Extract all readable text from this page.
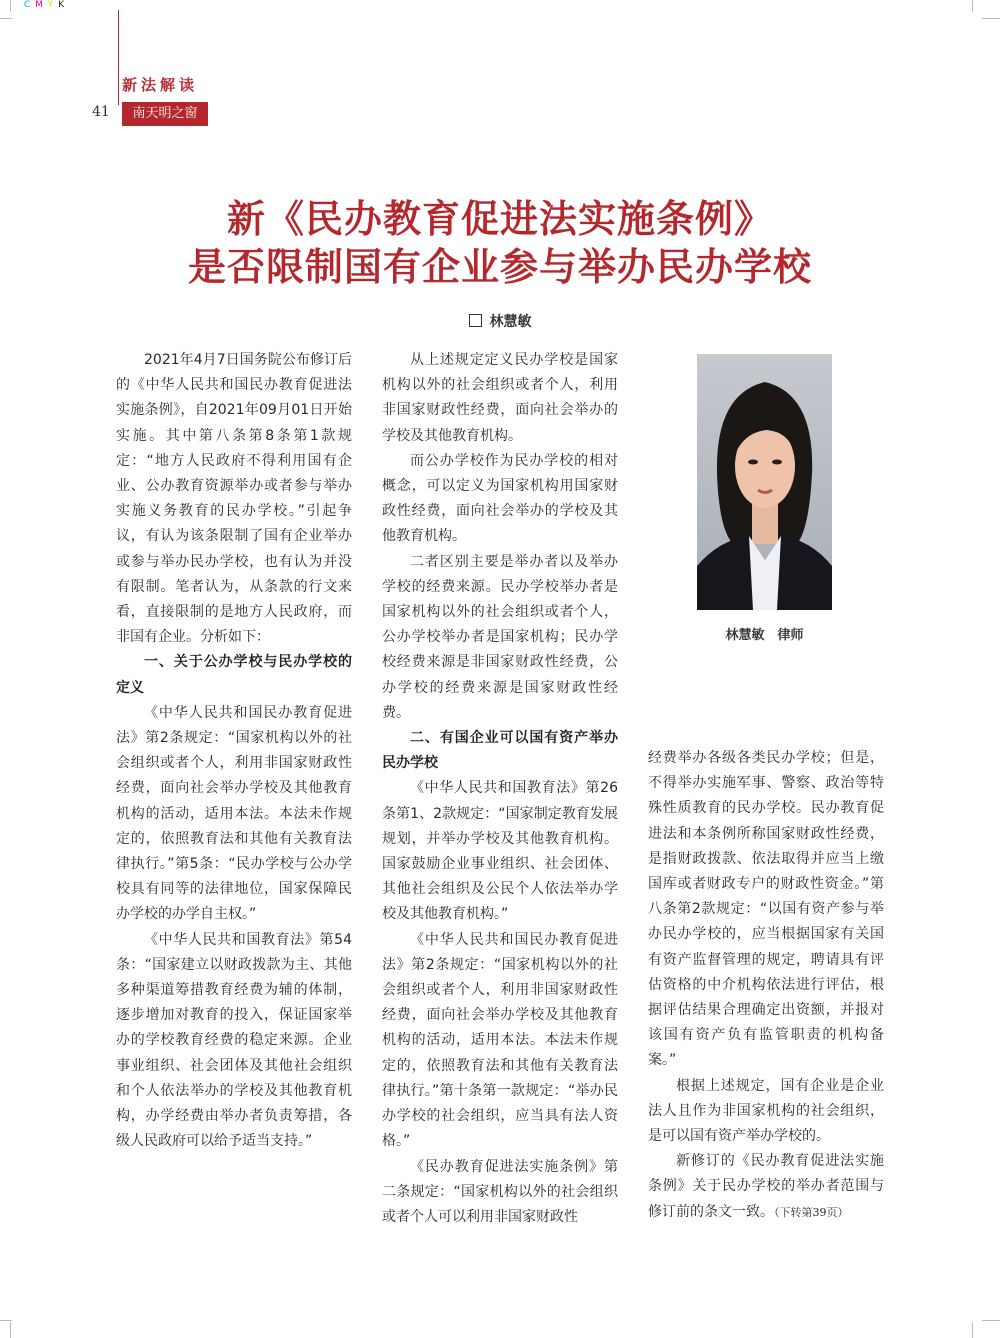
C M Y K
新法解读
41	南天明之窗
新《民办教育促进法实施条例》
是否限制国有企业参与举办民办学校
林慧敏

2021年4月7日国务院公布修订后的《中华人民共和国民办教育促进法实施条例》，自2021年09月01日开始实施。其中第八条第8条第1款规定：“地方人民政府不得利用国有企业、公办教育资源举办或者参与举办实施义务教育的民办学校。”引起争议，有认为该条限制了国有企业举办或参与举办民办学校，也有认为并没有限制。笔者认为，从条款的行文来看，直接限制的是地方人民政府，而非国有企业。分析如下：

一、关于公办学校与民办学校的定义

《中华人民共和国民办教育促进法》第2条规定：“国家机构以外的社会组织或者个人，利用非国家财政性经费，面向社会举办学校及其他教育机构的活动，适用本法。本法未作规定的，依照教育法和其他有关教育法律执行。”第5条：“民办学校与公办学校具有同等的法律地位，国家保障民办学校的办学自主权。”

《中华人民共和国教育法》第54条：“国家建立以财政拨款为主、其他多种渠道筹措教育经费为辅的体制，逐步增加对教育的投入，保证国家举办的学校教育经费的稳定来源。企业事业组织、社会团体及其他社会组织和个人依法举办的学校及其他教育机构，办学经费由举办者负责筹措，各级人民政府可以给予适当支持。”

从上述规定定义民办学校是国家机构以外的社会组织或者个人，利用非国家财政性经费，面向社会举办的学校及其他教育机构。

而公办学校作为民办学校的相对概念，可以定义为国家机构用国家财政性经费，面向社会举办的学校及其他教育机构。

二者区别主要是举办者以及举办学校的经费来源。民办学校举办者是国家机构以外的社会组织或者个人，公办学校举办者是国家机构；民办学校经费来源是非国家财政性经费，公办学校的经费来源是国家财政性经费。

二、有国企业可以国有资产举办民办学校

《中华人民共和国教育法》第26条第1、2款规定：“国家制定教育发展规划，并举办学校及其他教育机构。国家鼓励企业事业组织、社会团体、其他社会组织及公民个人依法举办学校及其他教育机构。”

《中华人民共和国民办教育促进法》第2条规定：“国家机构以外的社会组织或者个人，利用非国家财政性经费，面向社会举办学校及其他教育机构的活动，适用本法。本法未作规定的，依照教育法和其他有关教育法律执行。”第十条第一款规定：“举办民办学校的社会组织，应当具有法人资格。”

《民办教育促进法实施条例》第二条规定：“国家机构以外的社会组织或者个人可以利用非国家财政性

林慧敏　律师

经费举办各级各类民办学校；但是，不得举办实施军事、警察、政治等特殊性质教育的民办学校。民办教育促进法和本条例所称国家财政性经费，是指财政拨款、依法取得并应当上缴国库或者财政专户的财政性资金。”第八条第2款规定：“以国有资产参与举办民办学校的，应当根据国家有关国有资产监督管理的规定，聘请具有评估资格的中介机构依法进行评估，根据评估结果合理确定出资额，并报对该国有资产负有监管职责的机构备案。”

根据上述规定，国有企业是企业法人且作为非国家机构的社会组织，是可以国有资产举办学校的。

新修订的《民办教育促进法实施条例》关于民办学校的举办者范围与修订前的条文一致。（下转第39页）
